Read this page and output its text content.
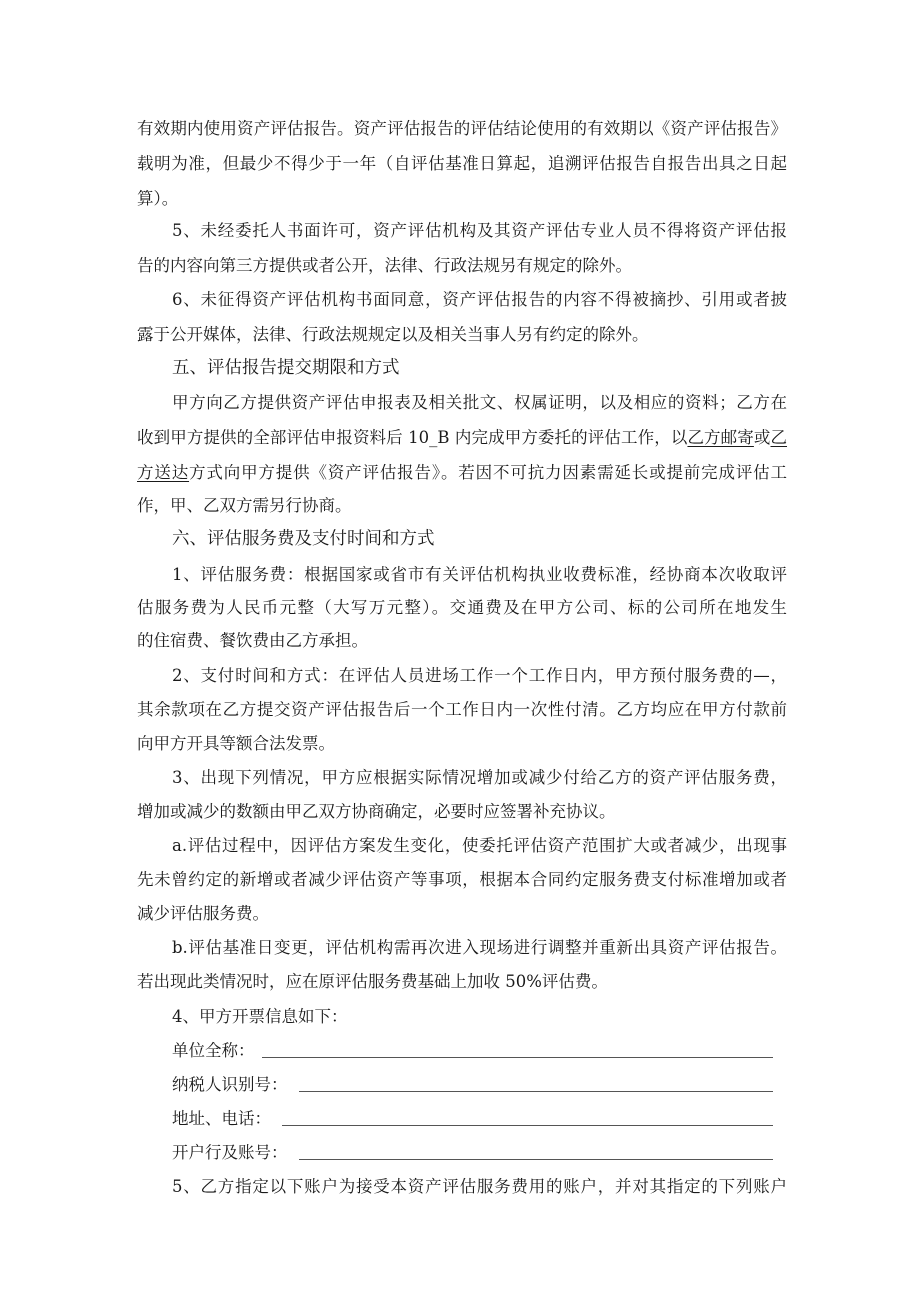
有效期内使用资产评估报告。资产评估报告的评估结论使用的有效期以《资产评估报告》
载明为准，但最少不得少于一年（自评估基准日算起，追溯评估报告自报告出具之日起
算）。
5、未经委托人书面许可，资产评估机构及其资产评估专业人员不得将资产评估报
告的内容向第三方提供或者公开，法律、行政法规另有规定的除外。
6、未征得资产评估机构书面同意，资产评估报告的内容不得被摘抄、引用或者披
露于公开媒体，法律、行政法规规定以及相关当事人另有约定的除外。
五、评估报告提交期限和方式
甲方向乙方提供资产评估申报表及相关批文、权属证明，以及相应的资料；乙方在
收到甲方提供的全部评估申报资料后 10_B 内完成甲方委托的评估工作，以乙方邮寄或乙
方送达方式向甲方提供《资产评估报告》。若因不可抗力因素需延长或提前完成评估工
作，甲、乙双方需另行协商。
六、评估服务费及支付时间和方式
1、评估服务费：根据国家或省市有关评估机构执业收费标准，经协商本次收取评
估服务费为人民币元整（大写万元整）。交通费及在甲方公司、标的公司所在地发生
的住宿费、餐饮费由乙方承担。
2、支付时间和方式：在评估人员进场工作一个工作日内，甲方预付服务费的—，
其余款项在乙方提交资产评估报告后一个工作日内一次性付清。乙方均应在甲方付款前
向甲方开具等额合法发票。
3、出现下列情况，甲方应根据实际情况增加或减少付给乙方的资产评估服务费，
增加或减少的数额由甲乙双方协商确定，必要时应签署补充协议。
a.评估过程中，因评估方案发生变化，使委托评估资产范围扩大或者减少，出现事
先未曾约定的新增或者减少评估资产等事项，根据本合同约定服务费支付标准增加或者
减少评估服务费。
b.评估基准日变更，评估机构需再次进入现场进行调整并重新出具资产评估报告。
若出现此类情况时，应在原评估服务费基础上加收 50%评估费。
4、甲方开票信息如下：
单位全称：
纳税人识别号：
地址、电话：
开户行及账号：
5、乙方指定以下账户为接受本资产评估服务费用的账户，并对其指定的下列账户
